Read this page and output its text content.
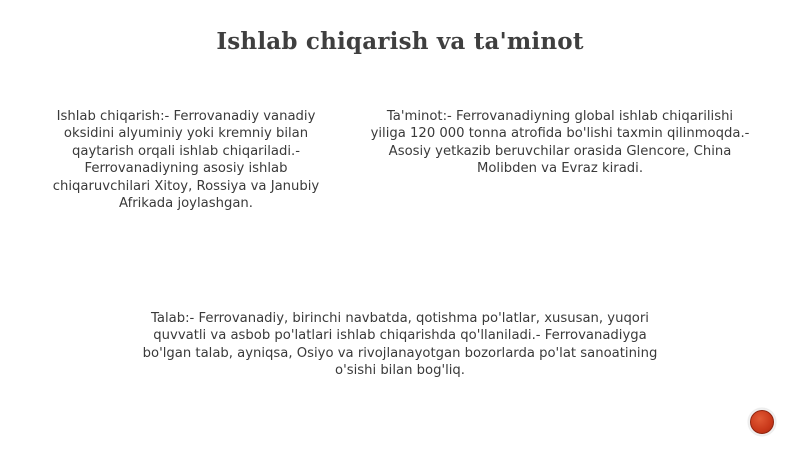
Ishlab chiqarish va ta'minot
Ishlab chiqarish:- Ferrovanadiy vanadiy
oksidini alyuminiy yoki kremniy bilan
qaytarish orqali ishlab chiqariladi.-
Ferrovanadiyning asosiy ishlab
chiqaruvchilari Xitoy, Rossiya va Janubiy
Afrikada joylashgan.
Ta'minot:- Ferrovanadiyning global ishlab chiqarilishi
yiliga 120 000 tonna atrofida bo'lishi taxmin qilinmoqda.-
Asosiy yetkazib beruvchilar orasida Glencore, China
Molibden va Evraz kiradi.
Talab:- Ferrovanadiy, birinchi navbatda, qotishma po'latlar, xususan, yuqori
quvvatli va asbob po'latlari ishlab chiqarishda qo'llaniladi.- Ferrovanadiyga
bo'lgan talab, ayniqsa, Osiyo va rivojlanayotgan bozorlarda po'lat sanoatining
o'sishi bilan bog'liq.
